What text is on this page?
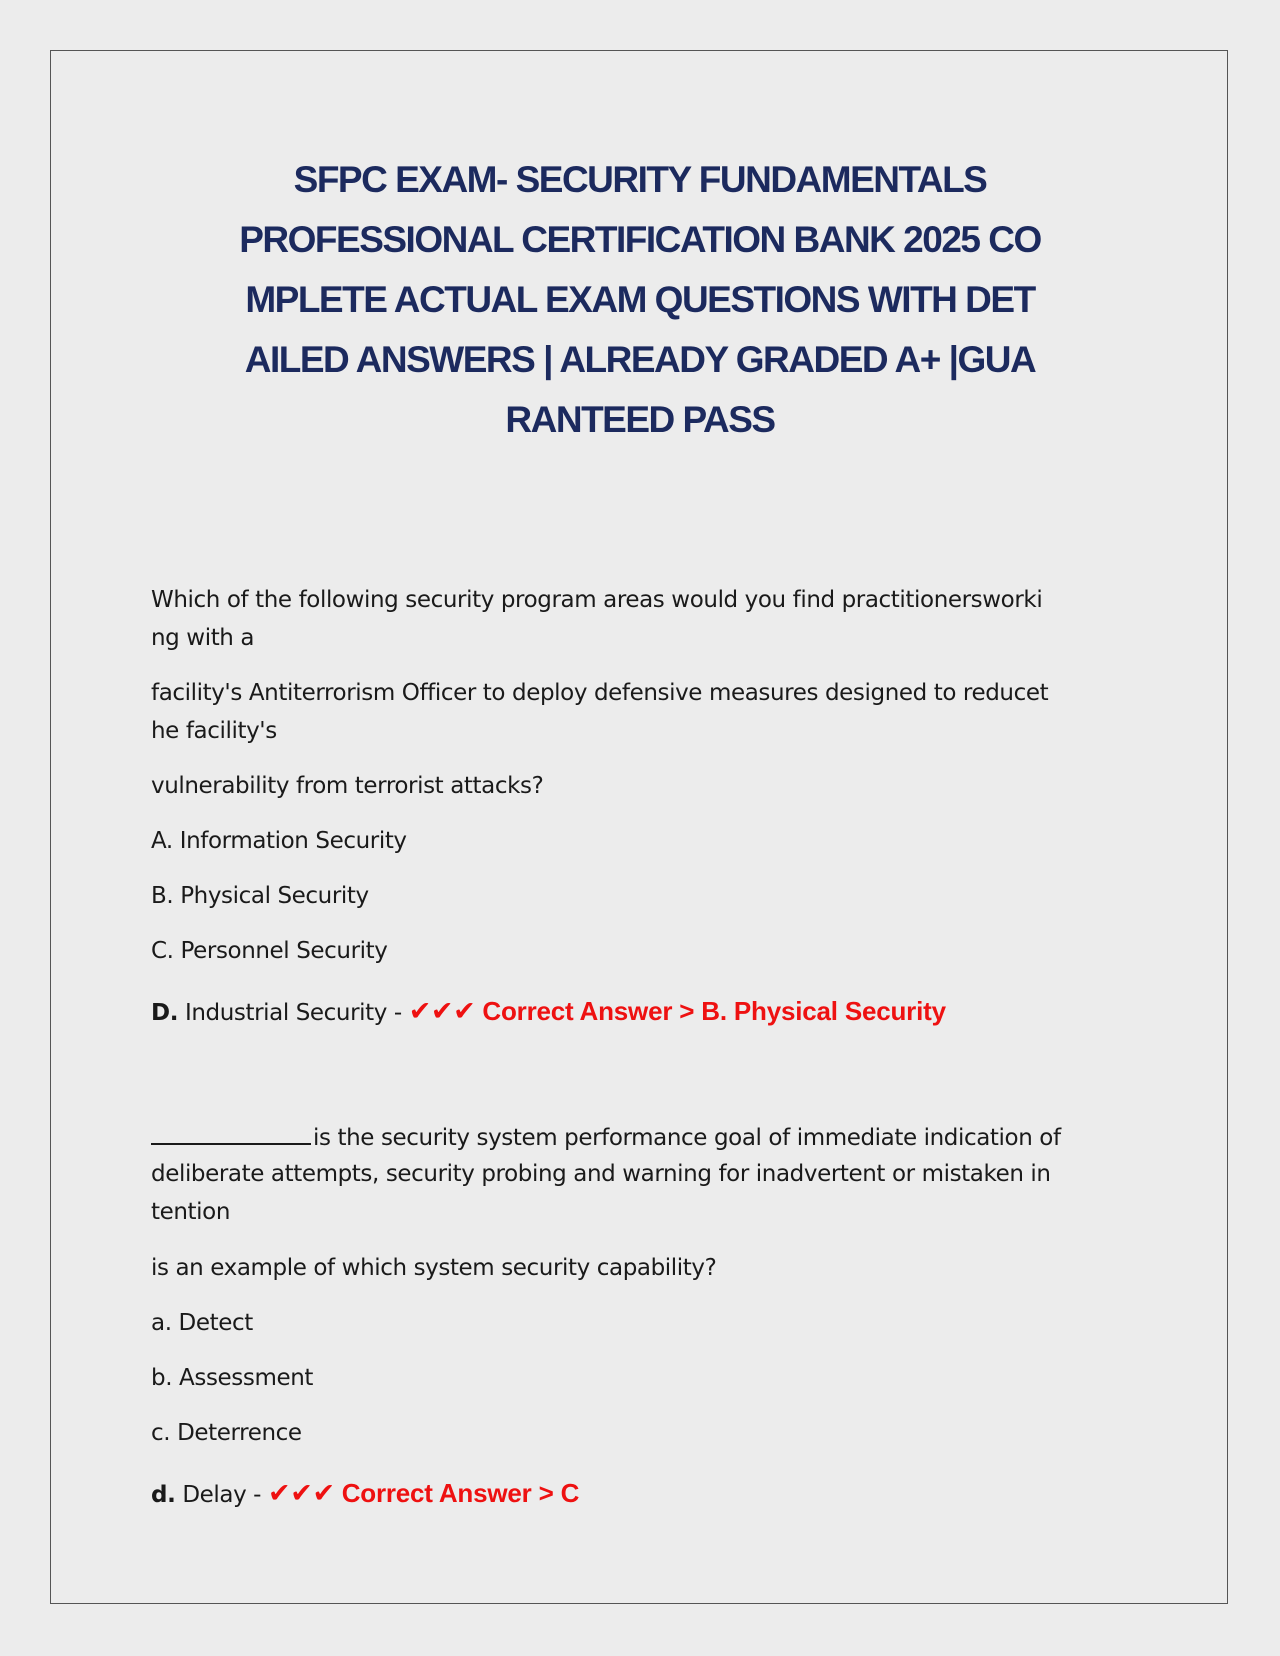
SFPC EXAM- SECURITY FUNDAMENTALS
PROFESSIONAL CERTIFICATION BANK 2025 CO
MPLETE ACTUAL EXAM QUESTIONS WITH DET
AILED ANSWERS | ALREADY GRADED A+ |GUA
RANTEED PASS
Which of the following security program areas would you find practitionersworki
ng with a
facility's Antiterrorism Officer to deploy defensive measures designed to reducet
he facility's
vulnerability from terrorist attacks?
A. Information Security
B. Physical Security
C. Personnel Security
D. Industrial Security - ✔✔✔ Correct Answer > B. Physical Security
is the security system performance goal of immediate indication of
deliberate attempts, security probing and warning for inadvertent or mistaken in
tention
is an example of which system security capability?
a. Detect
b. Assessment
c. Deterrence
d. Delay - ✔✔✔ Correct Answer > C
